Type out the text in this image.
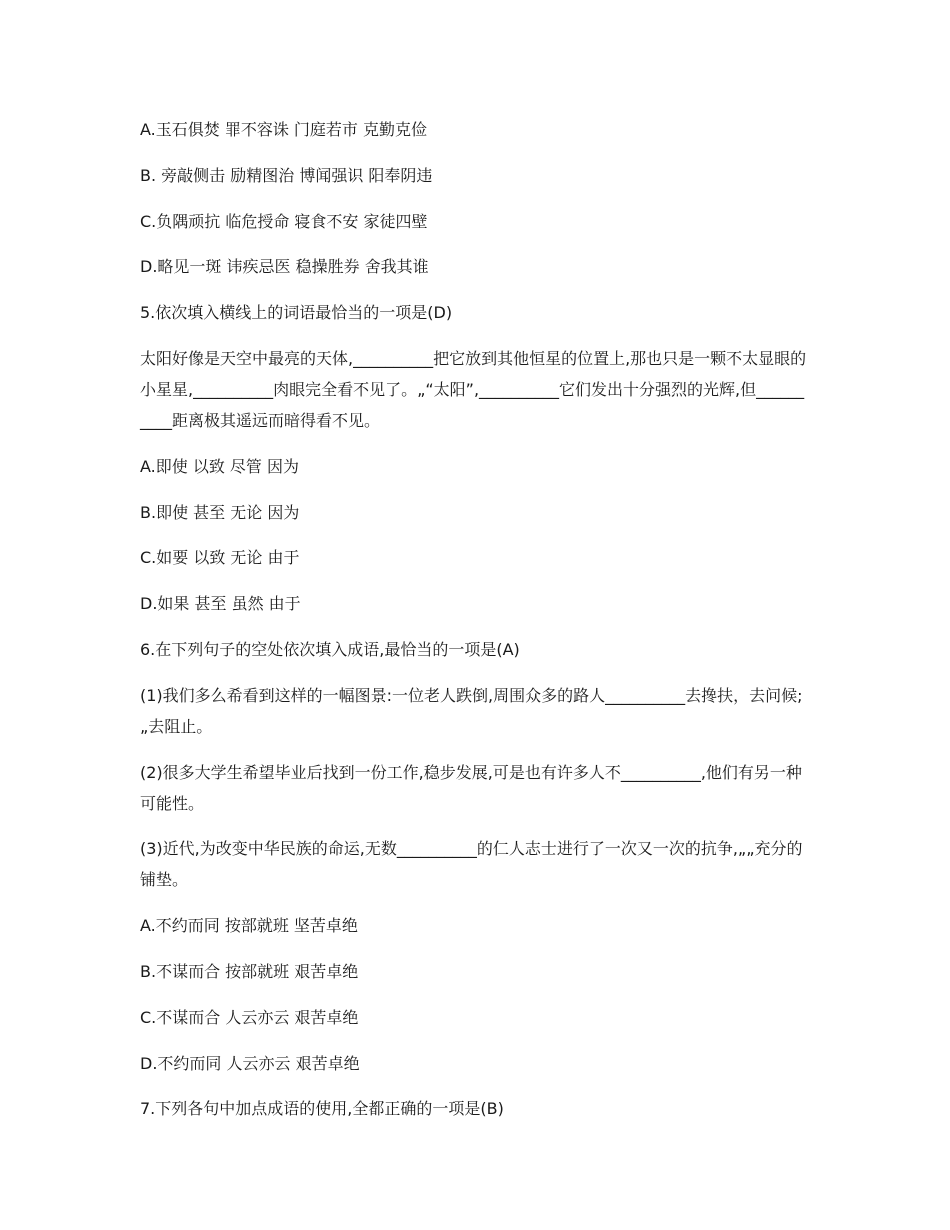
A.玉石俱焚 罪不容诛 门庭若市 克勤克俭

B. 旁敲侧击 励精图治 博闻强识 阳奉阴违

C.负隅顽抗 临危授命 寝食不安 家徒四壁

D.略见一斑 讳疾忌医 稳操胜券 舍我其谁

5.依次填入横线上的词语最恰当的一项是(D)

太阳好像是天空中最亮的天体,__________把它放到其他恒星的位置上,那也只是一颗不太显眼的小星星,__________肉眼完全看不见了。„“太阳”,__________它们发出十分强烈的光辉,但__________距离极其遥远而暗得看不见。

A.即使 以致 尽管 因为

B.即使 甚至 无论 因为

C.如要 以致 无论 由于

D.如果 甚至 虽然 由于

6.在下列句子的空处依次填入成语,最恰当的一项是(A)

(1)我们多么希看到这样的一幅图景:一位老人跌倒,周围众多的路人__________去搀扶，去问候;„去阻止。

(2)很多大学生希望毕业后找到一份工作,稳步发展,可是也有许多人不__________,他们有另一种可能性。

(3)近代,为改变中华民族的命运,无数__________的仁人志士进行了一次又一次的抗争,„„充分的铺垫。

A.不约而同 按部就班 坚苦卓绝

B.不谋而合 按部就班 艰苦卓绝

C.不谋而合 人云亦云 艰苦卓绝

D.不约而同 人云亦云 艰苦卓绝

7.下列各句中加点成语的使用,全都正确的一项是(B)
